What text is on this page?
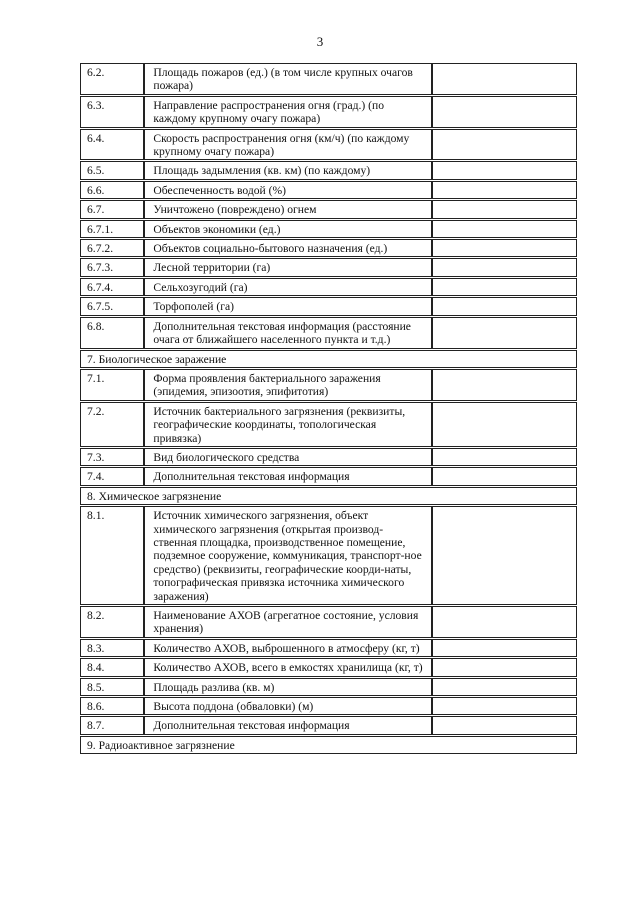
3
6.2.	Площадь пожаров (ед.) (в том числе крупных очагов пожара)	
6.3.	Направление распространения огня (град.) (по каждому крупному очагу пожара)	
6.4.	Скорость распространения огня (км/ч) (по каждому крупному очагу пожара)	
6.5.	Площадь задымления (кв. км) (по каждому)	
6.6.	Обеспеченность водой (%)	
6.7.	Уничтожено (повреждено) огнем	
6.7.1.	Объектов экономики (ед.)	
6.7.2.	Объектов социально-бытового назначения (ед.)	
6.7.3.	Лесной территории (га)	
6.7.4.	Сельхозугодий (га)	
6.7.5.	Торфополей (га)	
6.8.	Дополнительная текстовая информация (расстояние очага от ближайшего населенного пункта и т.д.)	
7. Биологическое заражение		
7.1.	Форма проявления бактериального заражения (эпидемия, эпизоотия, эпифитотия)	
7.2.	Источник бактериального загрязнения (реквизиты, географические координаты, топологическая привязка)	
7.3.	Вид биологического средства	
7.4.	Дополнительная текстовая информация	
8. Химическое загрязнение		
8.1.	Источник химического загрязнения, объект химического загрязнения (открытая производ-ственная площадка, производственное помещение, подземное сооружение, коммуникация, транспорт-ное средство) (реквизиты, географические коорди-наты, топографическая привязка источника химического заражения)	
8.2.	Наименование АХОВ (агрегатное состояние, условия хранения)	
8.3.	Количество АХОВ, выброшенного в атмосферу (кг, т)	
8.4.	Количество АХОВ, всего в емкостях хранилища (кг, т)	
8.5.	Площадь разлива (кв. м)	
8.6.	Высота поддона (обваловки) (м)	
8.7.	Дополнительная текстовая информация	
9. Радиоактивное загрязнение		
